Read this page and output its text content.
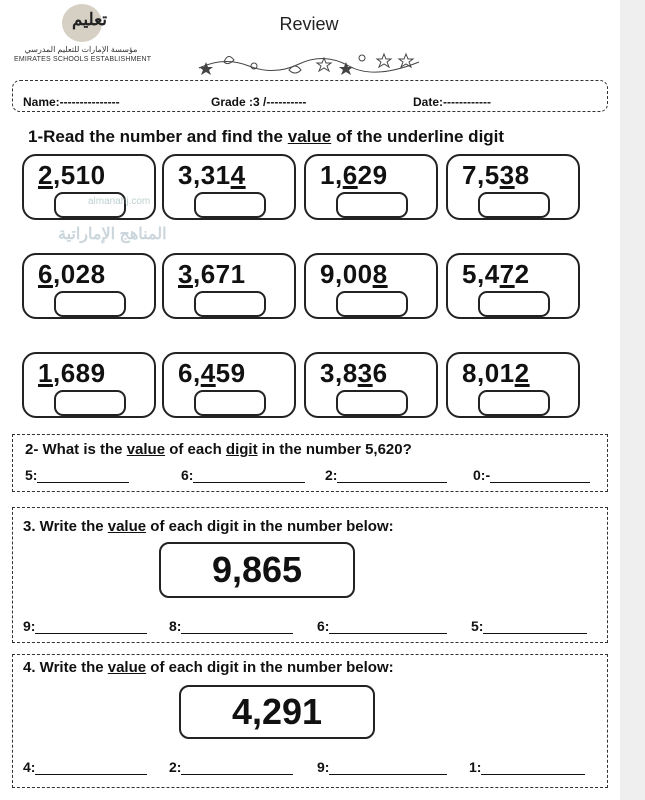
تعليم
مؤسسة الإمارات للتعليم المدرسي
EMIRATES SCHOOLS ESTABLISHMENT
Review
Name:---------------	Grade :3 /----------	Date:------------
1-Read the number and find the value of the underline digit
2,510	3,314	1,629	7,538
6,028	3,671	9,008	5,472
1,689	6,459	3,836	8,012
almanahj.com
المناهج الإماراتية
2- What is the value of each digit in the number 5,620?
5:	6:	2:	0:-
3. Write the value of each digit in the number below:
9,865
9:	8:	6:	5:
4. Write the value of each digit in the number below:
4,291
4:	2:	9:	1:
